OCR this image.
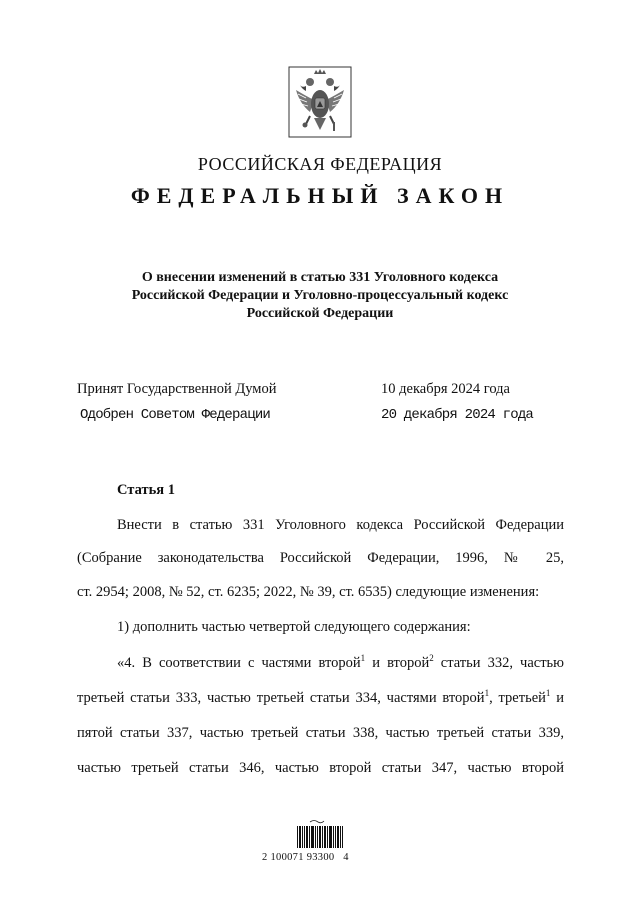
РОССИЙСКАЯ ФЕДЕРАЦИЯ
ФЕДЕРАЛЬНЫЙ ЗАКОН
О внесении изменений в статью 331 Уголовного кодекса
Российской Федерации и Уголовно-процессуальный кодекс
Российской Федерации
Принят Государственной Думой	10 декабря 2024 года
Одобрен Советом Федерации	20 декабря 2024 года
Статья 1
Внести в статью 331 Уголовного кодекса Российской Федерации
(Собрание законодательства Российской Федерации, 1996, № 25,
ст. 2954; 2008, № 52, ст. 6235; 2022, № 39, ст. 6535) следующие изменения:
1) дополнить частью четвертой следующего содержания:
«4. В соответствии с частями второй$^1$ и второй$^2$ статьи 332, частью
третьей статьи 333, частью третьей статьи 334, частями второй$^1$, третьей$^1$ и
пятой статьи 337, частью третьей статьи 338, частью третьей статьи 339,
частью третьей статьи 346, частью второй статьи 347, частью второй
2 100071 93300   4
